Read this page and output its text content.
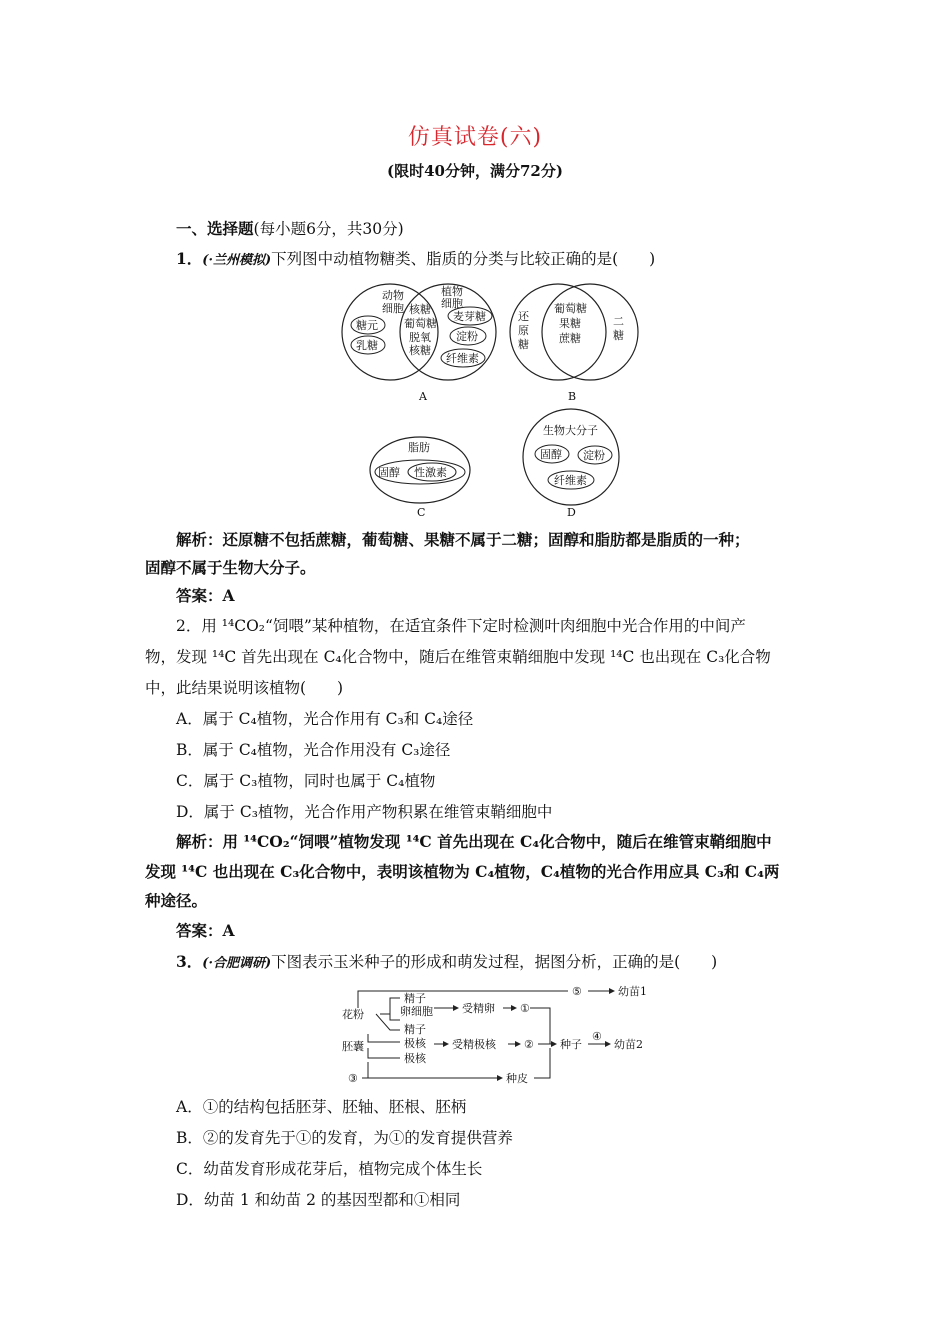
仿真试卷(六)
(限时40分钟，满分72分)
一、选择题(每小题6分，共30分)
1．(·兰州模拟)下列图中动植物糖类、脂质的分类与比较正确的是(　　)
动物
细胞
植物
细胞
糖元
乳糖
核糖
葡萄糖
脱氧
核糖
麦芽糖
淀粉
纤维素
A
还
原
糖
葡萄糖
果糖
蔗糖
二
糖
B
脂肪
固醇 性激素
C
生物大分子
固醇 淀粉
纤维素
D
解析：还原糖不包括蔗糖，葡萄糖、果糖不属于二糖；固醇和脂肪都是脂质的一种；
固醇不属于生物大分子。
答案：A
2．用 ¹⁴CO₂“饲喂”某种植物，在适宜条件下定时检测叶肉细胞中光合作用的中间产
物，发现 ¹⁴C 首先出现在 C₄化合物中，随后在维管束鞘细胞中发现 ¹⁴C 也出现在 C₃化合物
中，此结果说明该植物(　　)
A．属于 C₄植物，光合作用有 C₃和 C₄途径
B．属于 C₄植物，光合作用没有 C₃途径
C．属于 C₃植物，同时也属于 C₄植物
D．属于 C₃植物，光合作用产物积累在维管束鞘细胞中
解析：用 ¹⁴CO₂“饲喂”植物发现 ¹⁴C 首先出现在 C₄化合物中，随后在维管束鞘细胞中
发现 ¹⁴C 也出现在 C₃化合物中，表明该植物为 C₄植物，C₄植物的光合作用应具 C₃和 C₄两
种途径。
答案：A
3．(·合肥调研)下图表示玉米种子的形成和萌发过程，据图分析，正确的是(　　)
花粉
胚囊
精子
卵细胞	受精卵 ①
⑤	幼苗1
精子
极核
极核
受精极核	② 种子
④
幼苗2
③	种皮
A．①的结构包括胚芽、胚轴、胚根、胚柄
B．②的发育先于①的发育，为①的发育提供营养
C．幼苗发育形成花芽后，植物完成个体生长
D．幼苗 1 和幼苗 2 的基因型都和①相同
